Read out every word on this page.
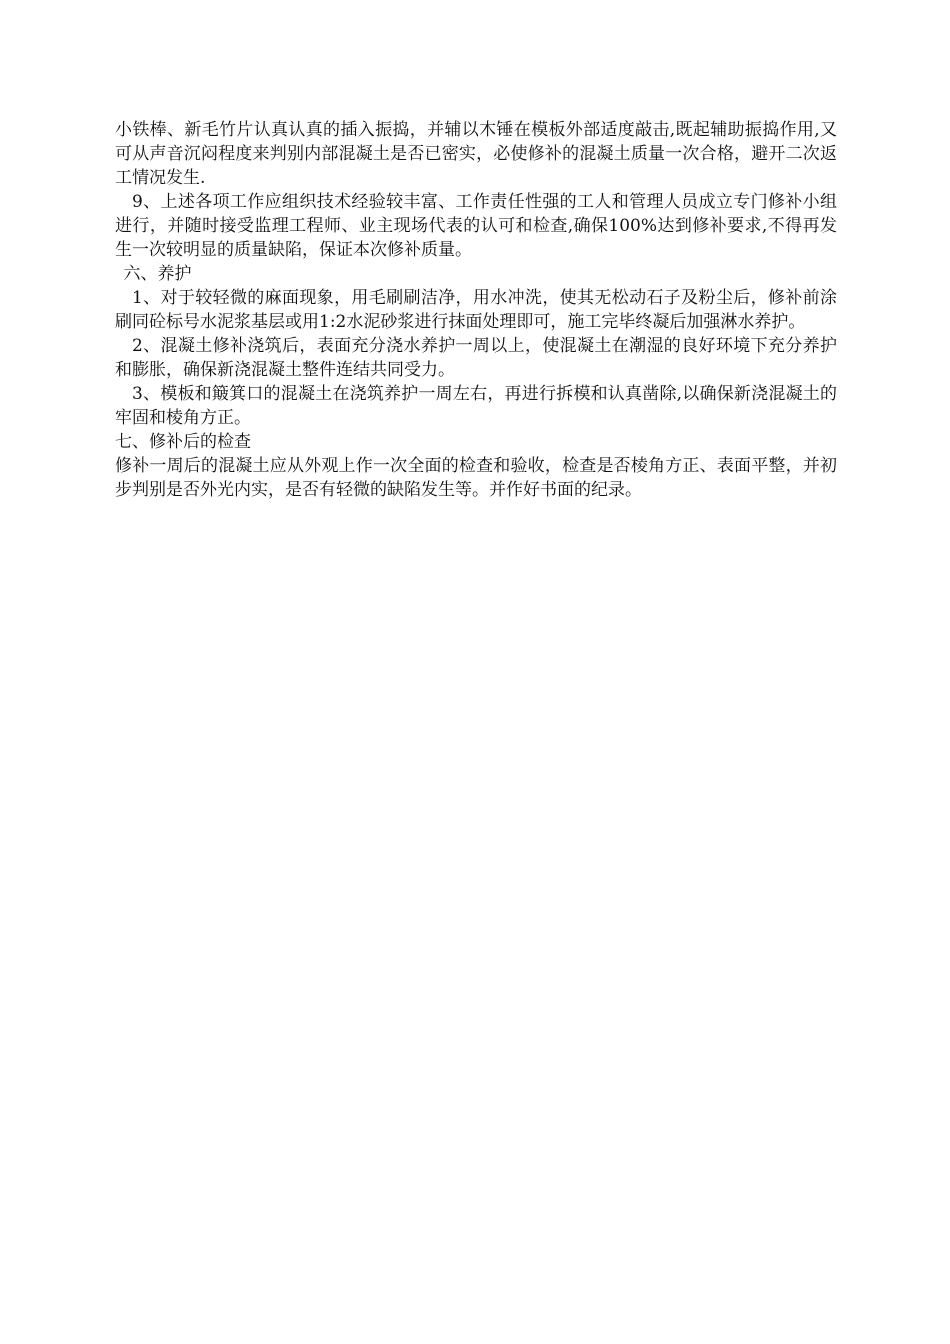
小铁棒、新毛竹片认真认真的插入振捣，并辅以木锤在模板外部适度敲击,既起辅助振捣作用,又可从声音沉闷程度来判别内部混凝土是否已密实，必使修补的混凝土质量一次合格，避开二次返工情况发生.

9、上述各项工作应组织技术经验较丰富、工作责任性强的工人和管理人员成立专门修补小组进行，并随时接受监理工程师、业主现场代表的认可和检查,确保100%达到修补要求,不得再发生一次较明显的质量缺陷，保证本次修补质量。

六、养护

1、对于较轻微的麻面现象，用毛刷刷洁净，用水冲洗，使其无松动石子及粉尘后，修补前涂刷同砼标号水泥浆基层或用1:2水泥砂浆进行抹面处理即可，施工完毕终凝后加强淋水养护。

2、混凝土修补浇筑后，表面充分浇水养护一周以上，使混凝土在潮湿的良好环境下充分养护和膨胀，确保新浇混凝土整件连结共同受力。

3、模板和簸箕口的混凝土在浇筑养护一周左右，再进行拆模和认真凿除,以确保新浇混凝土的牢固和棱角方正。

七、修补后的检查

修补一周后的混凝土应从外观上作一次全面的检查和验收，检查是否棱角方正、表面平整，并初步判别是否外光内实，是否有轻微的缺陷发生等。并作好书面的纪录。
